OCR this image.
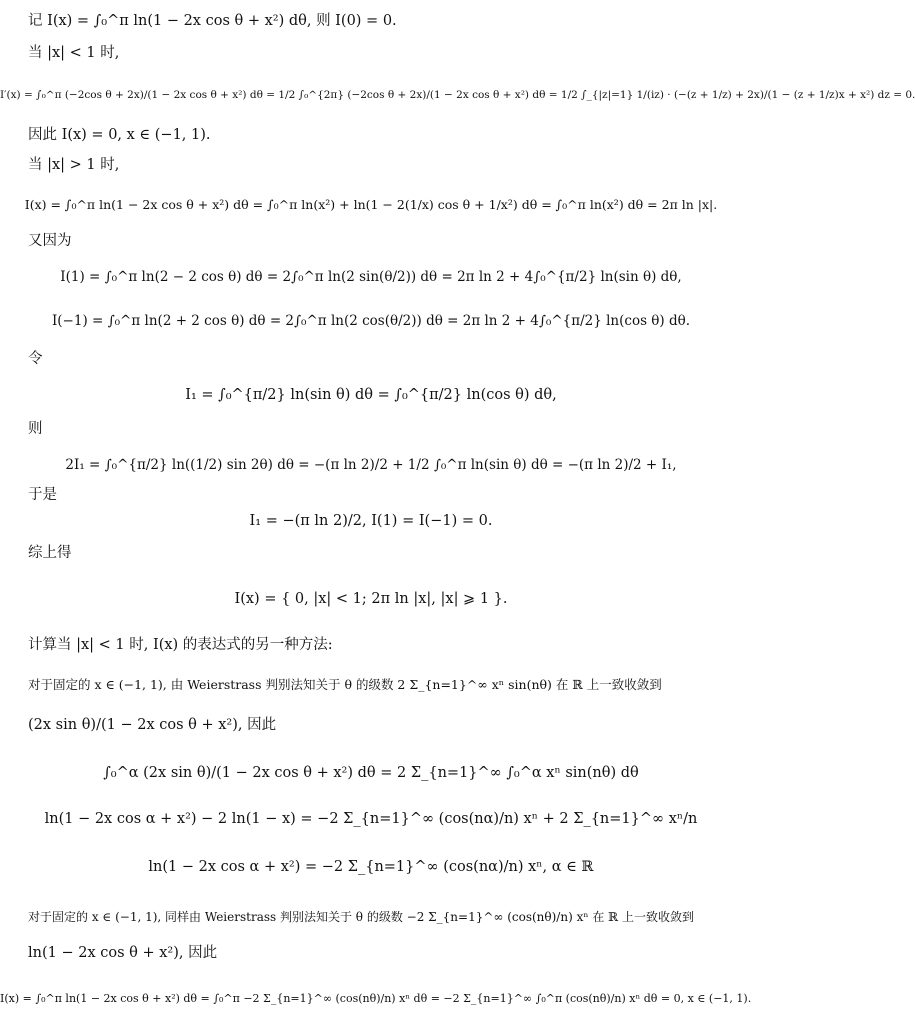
记 I(x) = ∫₀^π ln(1 − 2x cos θ + x²) dθ, 则 I(0) = 0.
当 |x| < 1 时,
I′(x) = ∫₀^π (−2cos θ + 2x)/(1 − 2x cos θ + x²) dθ = 1/2 ∫₀^{2π} (−2cos θ + 2x)/(1 − 2x cos θ + x²) dθ = 1/2 ∫_{|z|=1} 1/(iz) · (−(z + 1/z) + 2x)/(1 − (z + 1/z)x + x²) dz = 0.
因此 I(x) = 0, x ∈ (−1, 1).
当 |x| > 1 时,
I(x) = ∫₀^π ln(1 − 2x cos θ + x²) dθ = ∫₀^π ln(x²) + ln(1 − 2(1/x) cos θ + 1/x²) dθ = ∫₀^π ln(x²) dθ = 2π ln |x|.
又因为
I(1) = ∫₀^π ln(2 − 2 cos θ) dθ = 2∫₀^π ln(2 sin(θ/2)) dθ = 2π ln 2 + 4∫₀^{π/2} ln(sin θ) dθ,
I(−1) = ∫₀^π ln(2 + 2 cos θ) dθ = 2∫₀^π ln(2 cos(θ/2)) dθ = 2π ln 2 + 4∫₀^{π/2} ln(cos θ) dθ.
令
I₁ = ∫₀^{π/2} ln(sin θ) dθ = ∫₀^{π/2} ln(cos θ) dθ,
则
2I₁ = ∫₀^{π/2} ln((1/2) sin 2θ) dθ = −(π ln 2)/2 + 1/2 ∫₀^π ln(sin θ) dθ = −(π ln 2)/2 + I₁,
于是
I₁ = −(π ln 2)/2, I(1) = I(−1) = 0.
综上得
I(x) = { 0, |x| < 1; 2π ln |x|, |x| ⩾ 1 }.
计算当 |x| < 1 时, I(x) 的表达式的另一种方法:
对于固定的 x ∈ (−1, 1), 由 Weierstrass 判别法知关于 θ 的级数 2 Σ_{n=1}^∞ xⁿ sin(nθ) 在 ℝ 上一致收敛到
(2x sin θ)/(1 − 2x cos θ + x²), 因此
∫₀^α (2x sin θ)/(1 − 2x cos θ + x²) dθ = 2 Σ_{n=1}^∞ ∫₀^α xⁿ sin(nθ) dθ
ln(1 − 2x cos α + x²) − 2 ln(1 − x) = −2 Σ_{n=1}^∞ (cos(nα)/n) xⁿ + 2 Σ_{n=1}^∞ xⁿ/n
ln(1 − 2x cos α + x²) = −2 Σ_{n=1}^∞ (cos(nα)/n) xⁿ, α ∈ ℝ
对于固定的 x ∈ (−1, 1), 同样由 Weierstrass 判别法知关于 θ 的级数 −2 Σ_{n=1}^∞ (cos(nθ)/n) xⁿ 在 ℝ 上一致收敛到
ln(1 − 2x cos θ + x²), 因此
I(x) = ∫₀^π ln(1 − 2x cos θ + x²) dθ = ∫₀^π −2 Σ_{n=1}^∞ (cos(nθ)/n) xⁿ dθ = −2 Σ_{n=1}^∞ ∫₀^π (cos(nθ)/n) xⁿ dθ = 0, x ∈ (−1, 1).
